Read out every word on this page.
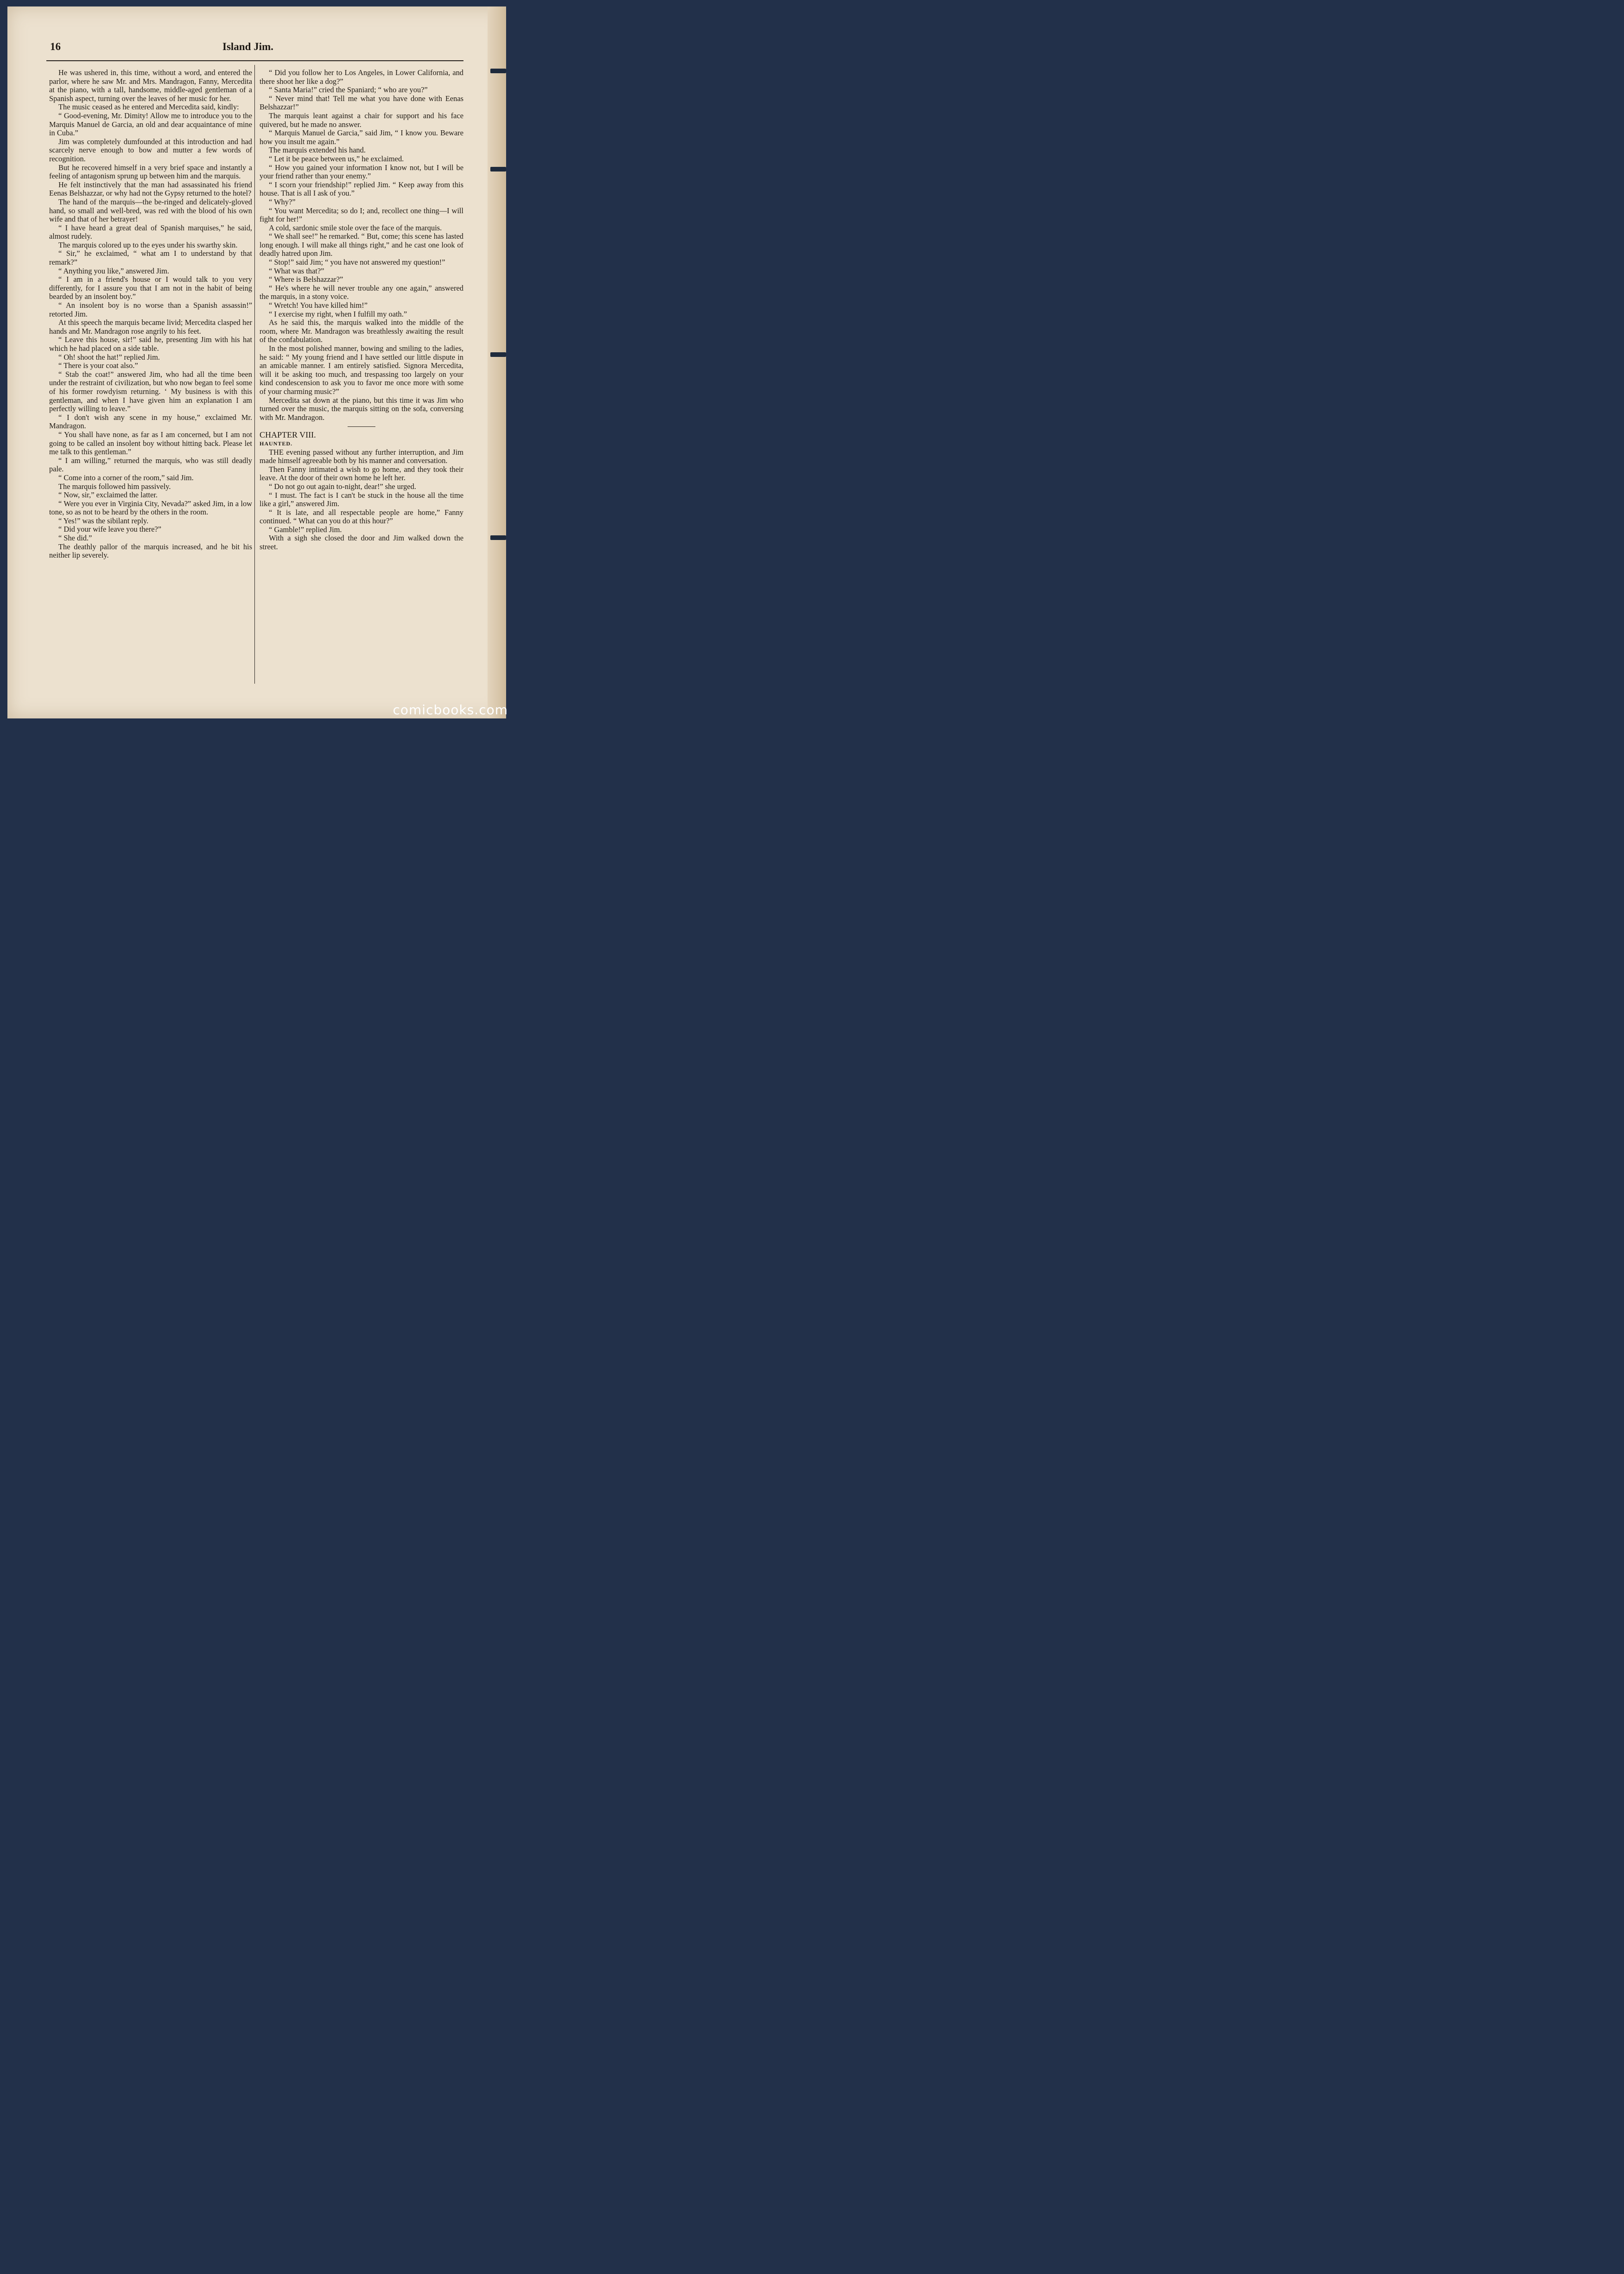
16	Island Jim.

He was ushered in, this time, without a word, and entered the parlor, where he saw Mr. and Mrs. Mandragon, Fanny, Mercedita at the piano, with a tall, handsome, middle-aged gentleman of a Spanish aspect, turning over the leaves of her music for her.

The music ceased as he entered and Mercedita said, kindly:

“ Good-evening, Mr. Dimity! Allow me to introduce you to the Marquis Manuel de Garcia, an old and dear acquaintance of mine in Cuba.”

Jim was completely dumfounded at this introduction and had scarcely nerve enough to bow and mutter a few words of recognition.

But he recovered himself in a very brief space and instantly a feeling of antagonism sprung up between him and the marquis.

He felt instinctively that the man had assassinated his friend Eenas Belshazzar, or why had not the Gypsy returned to the hotel?

The hand of the marquis—the be-ringed and delicately-gloved hand, so small and well-bred, was red with the blood of his own wife and that of her betrayer!

“ I have heard a great deal of Spanish marquises,” he said, almost rudely.

The marquis colored up to the eyes under his swarthy skin.

“ Sir,” he exclaimed, “ what am I to understand by that remark?”

“ Anything you like,” answered Jim.

“ I am in a friend's house or I would talk to you very differently, for I assure you that I am not in the habit of being bearded by an insolent boy.”

“ An insolent boy is no worse than a Spanish assassin!” retorted Jim.

At this speech the marquis became livid; Mercedita clasped her hands and Mr. Mandragon rose angrily to his feet.

“ Leave this house, sir!” said he, presenting Jim with his hat which he had placed on a side table.

“ Oh! shoot the hat!” replied Jim.

“ There is your coat also.”

“ Stab the coat!” answered Jim, who had all the time been under the restraint of civilization, but who now began to feel some of his former rowdyism returning. ‘ My business is with this gentleman, and when I have given him an explanation I am perfectly willing to leave.”

“ I don't wish any scene in my house,” exclaimed Mr. Mandragon.

“ You shall have none, as far as I am concerned, but I am not going to be called an insolent boy without hitting back. Please let me talk to this gentleman.”

“ I am willing,” returned the marquis, who was still deadly pale.

“ Come into a corner of the room,” said Jim.

The marquis followed him passively.

“ Now, sir,” exclaimed the latter.

“ Were you ever in Virginia City, Nevada?” asked Jim, in a low tone, so as not to be heard by the others in the room.

“ Yes!” was the sibilant reply.

“ Did your wife leave you there?”

“ She did.”

The deathly pallor of the marquis increased, and he bit his neither lip severely.

“ Did you follow her to Los Angeles, in Lower California, and there shoot her like a dog?”

“ Santa Maria!” cried the Spaniard; “ who are you?”

“ Never mind that! Tell me what you have done with Eenas Belshazzar!”

The marquis leant against a chair for support and his face quivered, but he made no answer.

“ Marquis Manuel de Garcia,” said Jim, “ I know you. Beware how you insult me again.”

The marquis extended his hand.

“ Let it be peace between us,” he exclaimed.

“ How you gained your information I know not, but I will be your friend rather than your enemy.”

“ I scorn your friendship!” replied Jim. “ Keep away from this house. That is all I ask of you.”

“ Why?”

“ You want Mercedita; so do I; and, recollect one thing—I will fight for her!”

A cold, sardonic smile stole over the face of the marquis.

“ We shall see!” he remarked. “ But, come; this scene has lasted long enough. I will make all things right,” and he cast one look of deadly hatred upon Jim.

“ Stop!” said Jim; “ you have not answered my question!”

“ What was that?”

“ Where is Belshazzar?”

“ He's where he will never trouble any one again,” answered the marquis, in a stony voice.

“ Wretch! You have killed him!”

“ I exercise my right, when I fulfill my oath.”

As he said this, the marquis walked into the middle of the room, where Mr. Mandragon was breathlessly awaiting the result of the confabulation.

In the most polished manner, bowing and smiling to the ladies, he said: “ My young friend and I have settled our little dispute in an amicable manner. I am entirely satisfied. Signora Mercedita, will it be asking too much, and trespassing too largely on your kind condescension to ask you to favor me once more with some of your charming music?”

Mercedita sat down at the piano, but this time it was Jim who turned over the music, the marquis sitting on the sofa, conversing with Mr. Mandragon.

CHAPTER VIII.

HAUNTED.

THE evening passed without any further interruption, and Jim made himself agreeable both by his manner and conversation.

Then Fanny intimated a wish to go home, and they took their leave. At the door of their own home he left her.

“ Do not go out again to-night, dear!” she urged.

“ I must. The fact is I can't be stuck in the house all the time like a girl,” answered Jim.

“ It is late, and all respectable people are home,” Fanny continued. “ What can you do at this hour?”

“ Gamble!” replied Jim.

With a sigh she closed the door and Jim walked down the street.

comicbooks.com
